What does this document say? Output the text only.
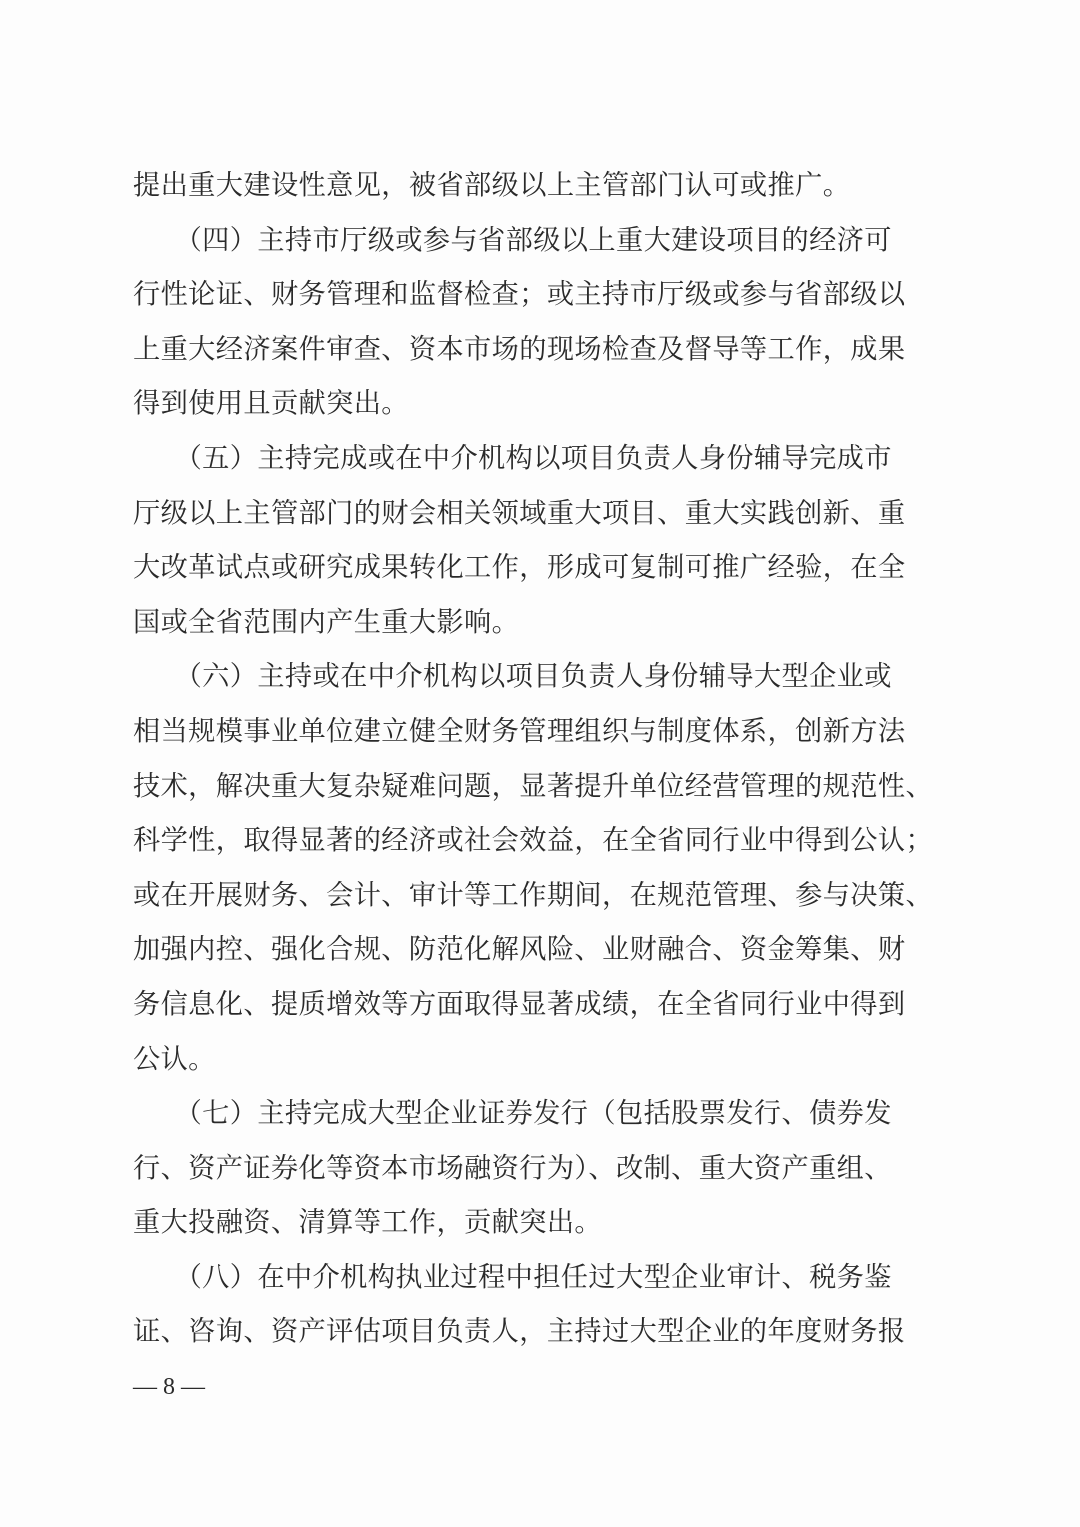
提出重大建设性意见，被省部级以上主管部门认可或推广。
　　（四）主持市厅级或参与省部级以上重大建设项目的经济可
行性论证、财务管理和监督检查；或主持市厅级或参与省部级以
上重大经济案件审查、资本市场的现场检查及督导等工作，成果
得到使用且贡献突出。
　　（五）主持完成或在中介机构以项目负责人身份辅导完成市
厅级以上主管部门的财会相关领域重大项目、重大实践创新、重
大改革试点或研究成果转化工作，形成可复制可推广经验，在全
国或全省范围内产生重大影响。
　　（六）主持或在中介机构以项目负责人身份辅导大型企业或
相当规模事业单位建立健全财务管理组织与制度体系，创新方法
技术，解决重大复杂疑难问题，显著提升单位经营管理的规范性、
科学性，取得显著的经济或社会效益，在全省同行业中得到公认；
或在开展财务、会计、审计等工作期间，在规范管理、参与决策、
加强内控、强化合规、防范化解风险、业财融合、资金筹集、财
务信息化、提质增效等方面取得显著成绩，在全省同行业中得到
公认。
　　（七）主持完成大型企业证券发行（包括股票发行、债券发
行、资产证券化等资本市场融资行为）、改制、重大资产重组、
重大投融资、清算等工作，贡献突出。
　　（八）在中介机构执业过程中担任过大型企业审计、税务鉴
证、咨询、资产评估项目负责人，主持过大型企业的年度财务报
— 8 —
